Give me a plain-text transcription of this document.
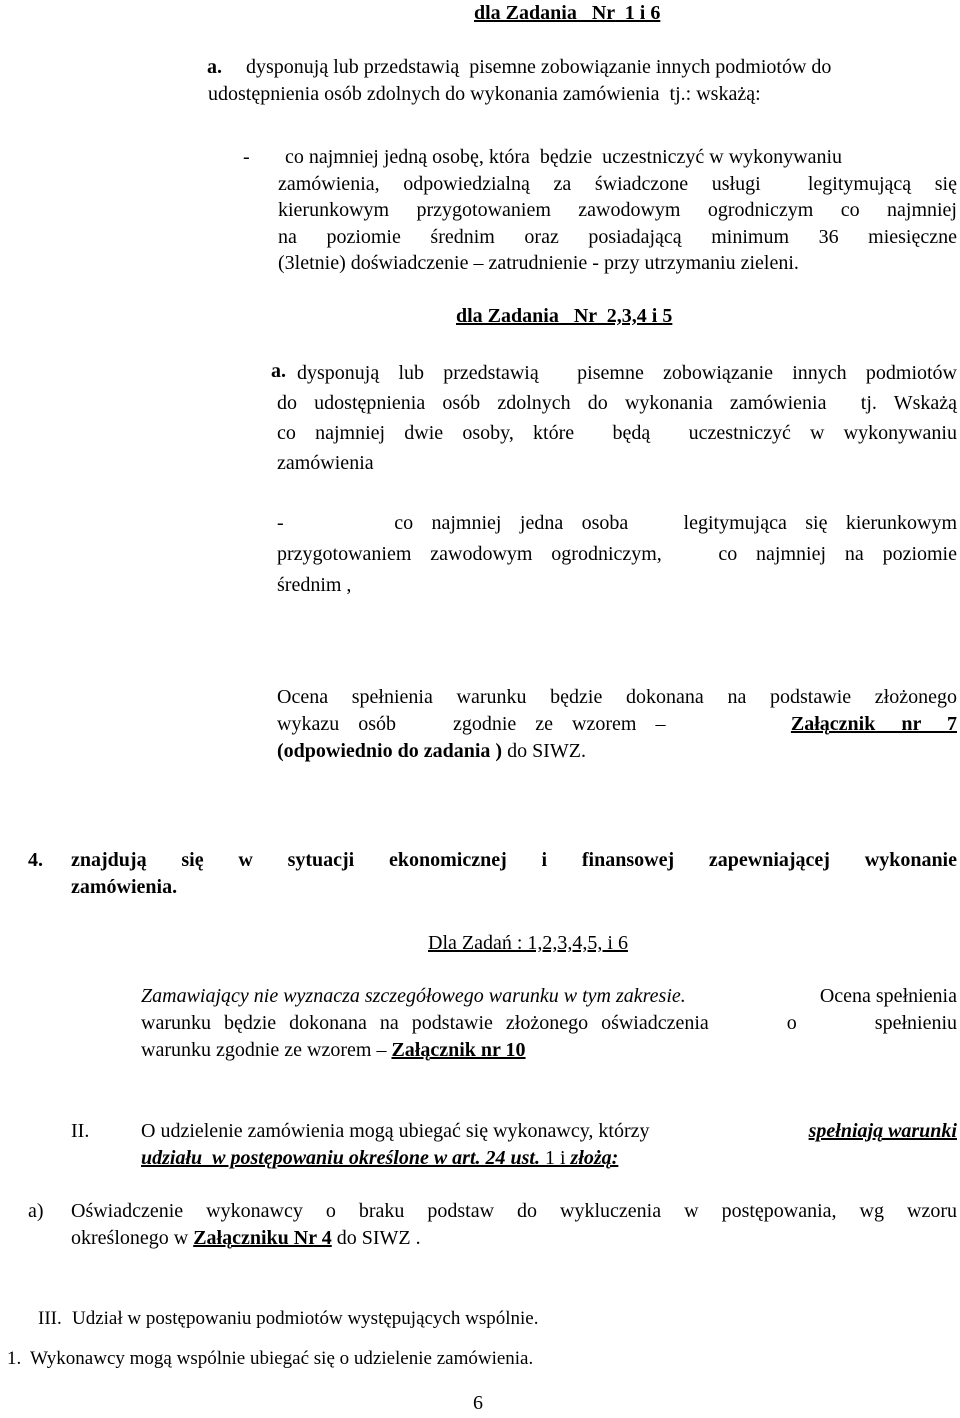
dla Zadania   Nr  1 i 6
a. dysponują lub przedstawią  pisemne zobowiązanie innych podmiotów do
udostępnienia osób zdolnych do wykonania zamówienia  tj.: wskażą:
- co najmniej jedną osobę, która  będzie  uczestniczyć w wykonywaniu
zamówienia, odpowiedzialną za świadczone usługi  legitymującą się
kierunkowym przygotowaniem zawodowym ogrodniczym co najmniej
na poziomie średnim oraz posiadającą minimum 36 miesięczne
(3letnie) doświadczenie – zatrudnienie - przy utrzymaniu zieleni.
dla Zadania   Nr  2,3,4 i 5
a. dysponują lub przedstawią  pisemne zobowiązanie innych podmiotów
do udostępnienia osób zdolnych do wykonania zamówienia  tj. Wskażą
co najmniej dwie osoby, które  będą  uczestniczyć w wykonywaniu
zamówienia
-      co najmniej jedna osoba   legitymująca się kierunkowym
przygotowaniem zawodowym ogrodniczym,   co najmniej na poziomie
średnim ,
Ocena spełnienia warunku będzie dokonana na podstawie złożonego
wykazu osób   zgodnie ze wzorem –	Załącznik  nr  7
(odpowiednio do zadania ) do SIWZ.
4. znajdują się w sytuacji ekonomicznej i finansowej zapewniającej wykonanie
zamówienia.
Dla Zadań : 1,2,3,4,5, i 6
Zamawiający nie wyznacza szczegółowego warunku w tym zakresie.	Ocena spełnienia
warunku będzie dokonana na podstawie złożonego oświadczenia      o      spełnieniu
warunku zgodnie ze wzorem – Załącznik nr 10
II.	O udzielenie zamówienia mogą ubiegać się wykonawcy, którzy	spełniają warunki
udziału  w postępowaniu określone w art. 24 ust. 1 i złożą:
a) Oświadczenie wykonawcy o braku podstaw do wykluczenia w postępowania, wg wzoru
określonego w Załączniku Nr 4 do SIWZ .
III. Udział w postępowaniu podmiotów występujących wspólnie.
1. Wykonawcy mogą wspólnie ubiegać się o udzielenie zamówienia.
6
